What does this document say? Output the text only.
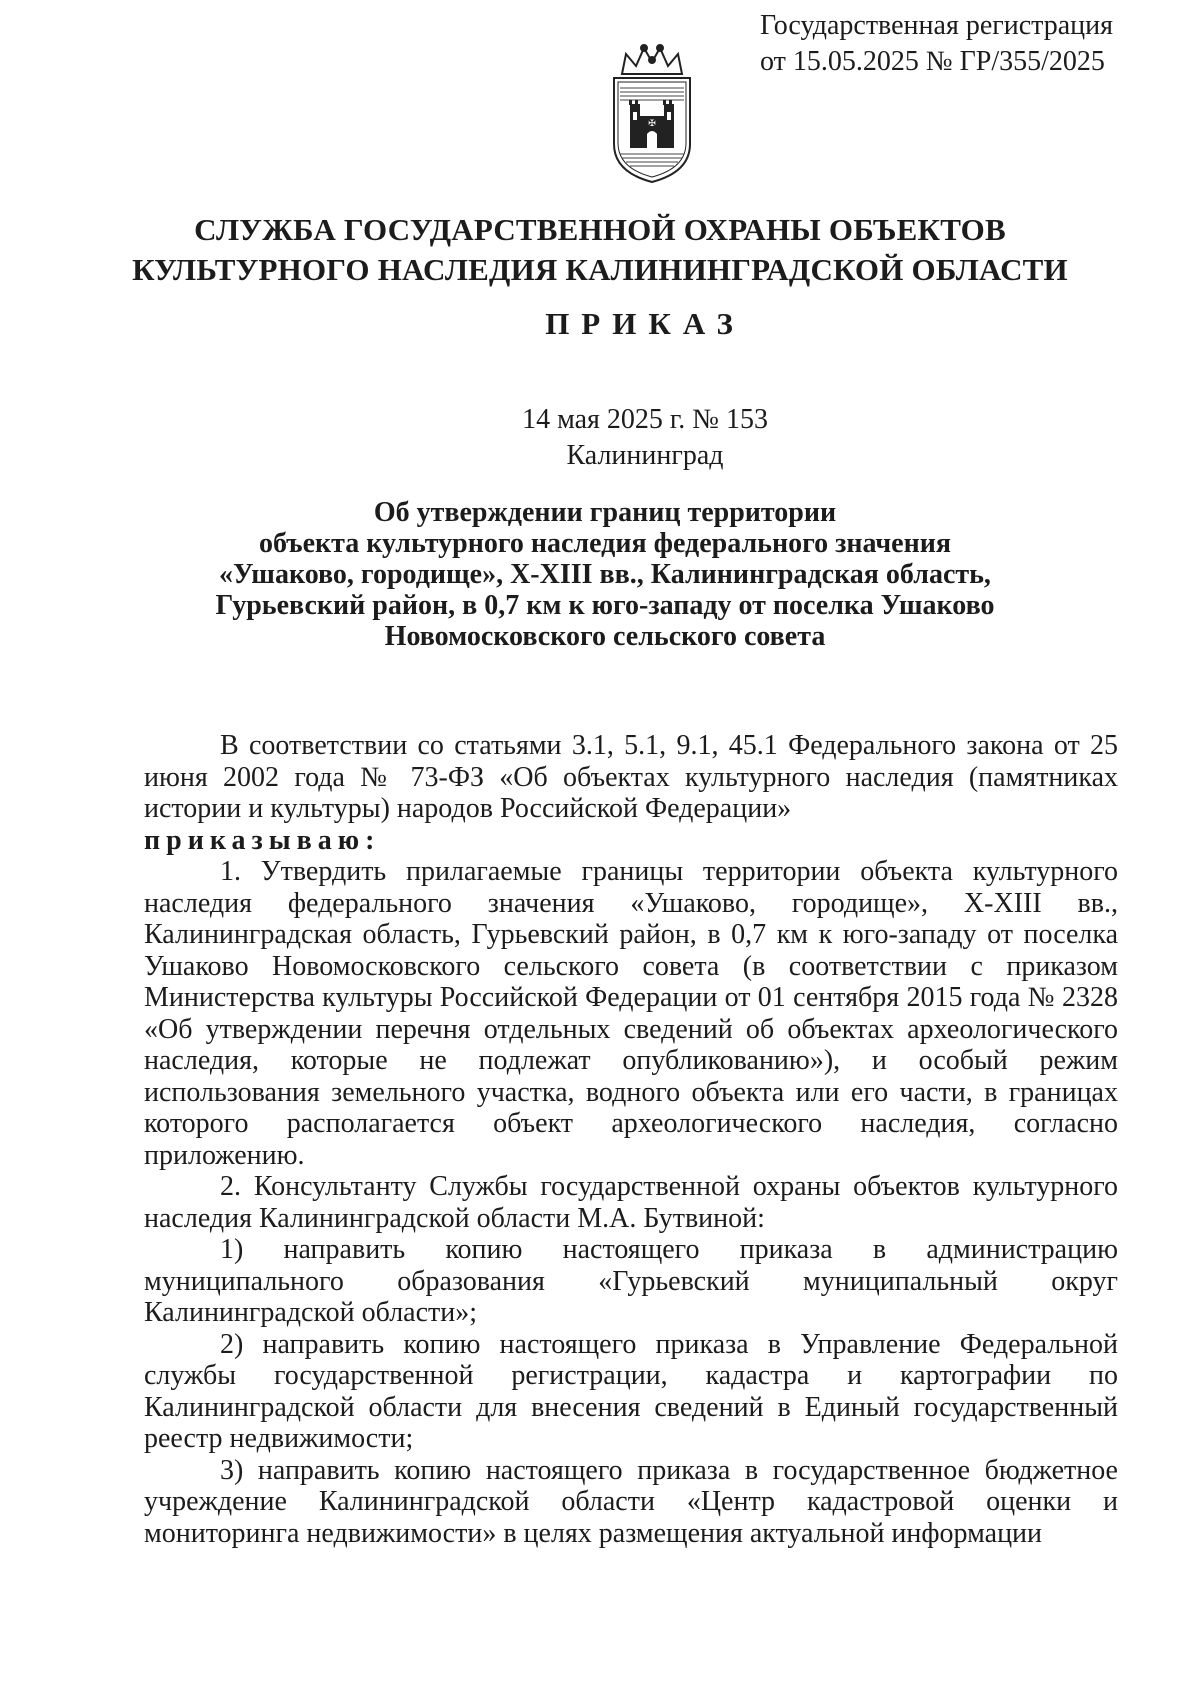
Государственная регистрация
от 15.05.2025 № ГР/355/2025
✠
СЛУЖБА ГОСУДАРСТВЕННОЙ ОХРАНЫ ОБЪЕКТОВ
КУЛЬТУРНОГО НАСЛЕДИЯ КАЛИНИНГРАДСКОЙ ОБЛАСТИ
ПРИКАЗ
14 мая 2025 г. № 153
Калининград
Об утверждении границ территории
объекта культурного наследия федерального значения
«Ушаково, городище», X-XIII вв., Калининградская область,
Гурьевский район, в 0,7 км к юго-западу от поселка Ушаково
Новомосковского сельского совета

В соответствии со статьями 3.1, 5.1, 9.1, 45.1 Федерального закона от 25 июня 2002 года № 73-ФЗ «Об объектах культурного наследия (памятниках истории и культуры) народов Российской Федерации»

приказываю:

1. Утвердить прилагаемые границы территории объекта культурного наследия федерального значения «Ушаково, городище», X-XIII вв., Калининградская область, Гурьевский район, в 0,7 км к юго-западу от поселка Ушаково Новомосковского сельского совета (в соответствии с приказом Министерства культуры Российской Федерации от 01 сентября 2015 года № 2328 «Об утверждении перечня отдельных сведений об объектах археологического наследия, которые не подлежат опубликованию»), и особый режим использования земельного участка, водного объекта или его части, в границах которого располагается объект археологического наследия, согласно приложению.

2. Консультанту Службы государственной охраны объектов культурного наследия Калининградской области М.А. Бутвиной:

1) направить копию настоящего приказа в администрацию муниципального образования «Гурьевский муниципальный округ Калининградской области»;

2) направить копию настоящего приказа в Управление Федеральной службы государственной регистрации, кадастра и картографии по Калининградской области для внесения сведений в Единый государственный реестр недвижимости;

3) направить копию настоящего приказа в государственное бюджетное учреждение Калининградской области «Центр кадастровой оценки и мониторинга недвижимости» в целях размещения актуальной информации
